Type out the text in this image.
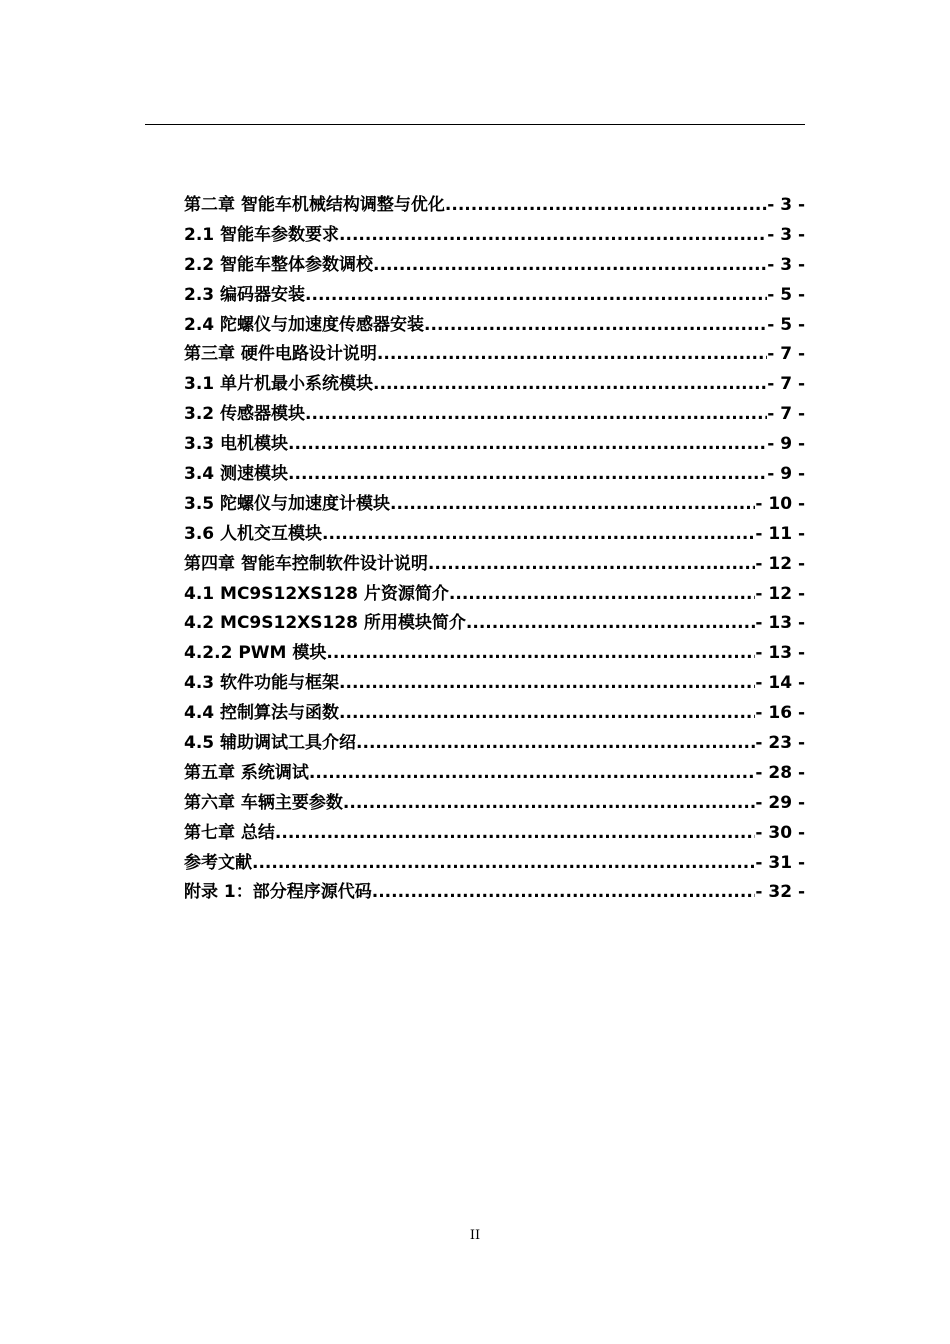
第二章 智能车机械结构调整与优化 .....	- 3 -
2.1 智能车参数要求 .....	- 3 -
2.2 智能车整体参数调校 .....	- 3 -
2.3 编码器安装 .....	- 5 -
2.4 陀螺仪与加速度传感器安装 .....	- 5 -
第三章 硬件电路设计说明 .....	- 7 -
3.1 单片机最小系统模块 .....	- 7 -
3.2 传感器模块 .....	- 7 -
3.3 电机模块 .....	- 9 -
3.4 测速模块 .....	- 9 -
3.5 陀螺仪与加速度计模块 .....	- 10 -
3.6 人机交互模块 .....	- 11 -
第四章 智能车控制软件设计说明 .....	- 12 -
4.1 MC9S12XS128 片资源简介 .....	- 12 -
4.2 MC9S12XS128 所用模块简介 .....	- 13 -
4.2.2 PWM 模块 .....	- 13 -
4.3 软件功能与框架 .....	- 14 -
4.4 控制算法与函数 .....	- 16 -
4.5 辅助调试工具介绍 .....	- 23 -
第五章 系统调试 .....	- 28 -
第六章 车辆主要参数 .....	- 29 -
第七章 总结 .....	- 30 -
参考文献 .....	- 31 -
附录 1：部分程序源代码 .....	- 32 -
II
